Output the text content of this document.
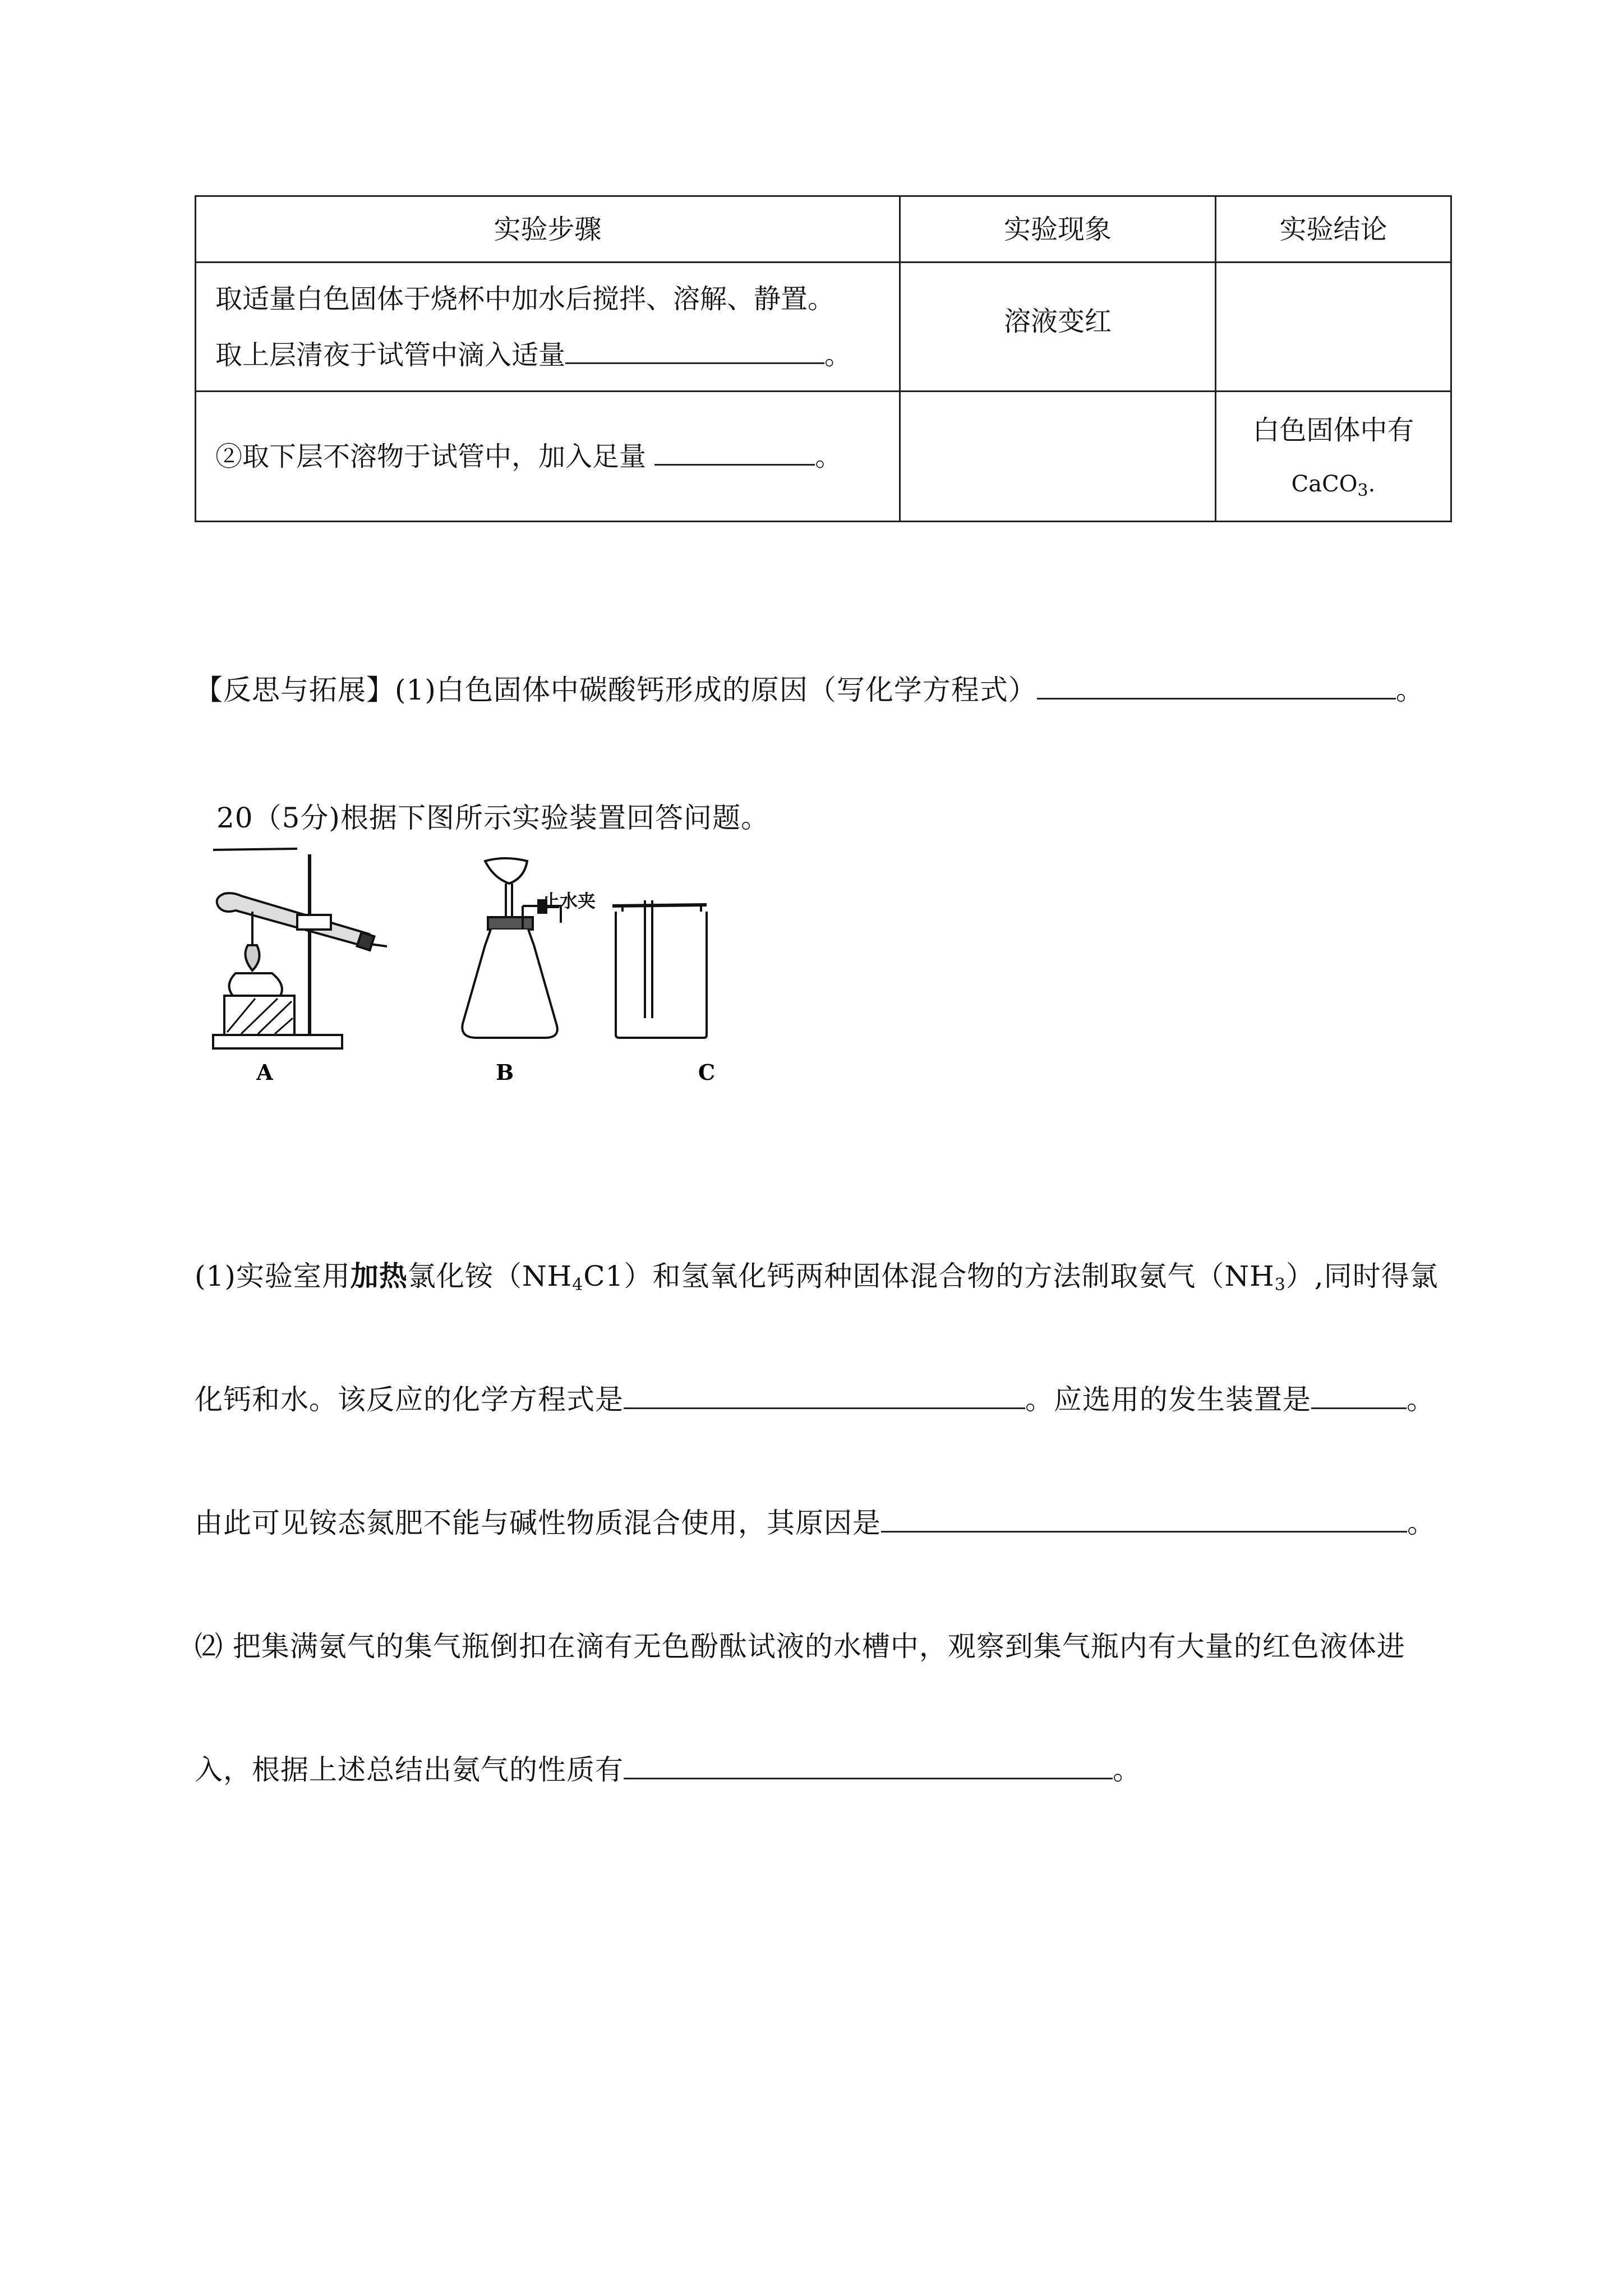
实验步骤	实验现象	实验结论

取适量白色固体于烧杯中加水后搅拌、溶解、静置。
取上层清夜于试管中滴入适量 。	溶液变红	

②取下层不溶物于试管中，加入足量 。		白色固体中有
CaCO$_3$.
【反思与拓展】(1)白色固体中碳酸钙形成的原因（写化学方程式）	。
20（5分)根据下图所示实验装置回答问题。
止水夹
A	B	C
(1)实验室用加热氯化铵$(NH_4C1)$和氢氧化钙两种固体混合物的方法制取氨气$(NH_3)$,同时得氯
化钙和水。该反应的化学方程式是	。应选用的发生装置是	。
由此可见铵态氮肥不能与碱性物质混合使用，其原因是	。
⑵ 把集满氨气的集气瓶倒扣在滴有无色酚酞试液的水槽中，观察到集气瓶内有大量的红色液体进
入，根据上述总结出氨气的性质有	。
